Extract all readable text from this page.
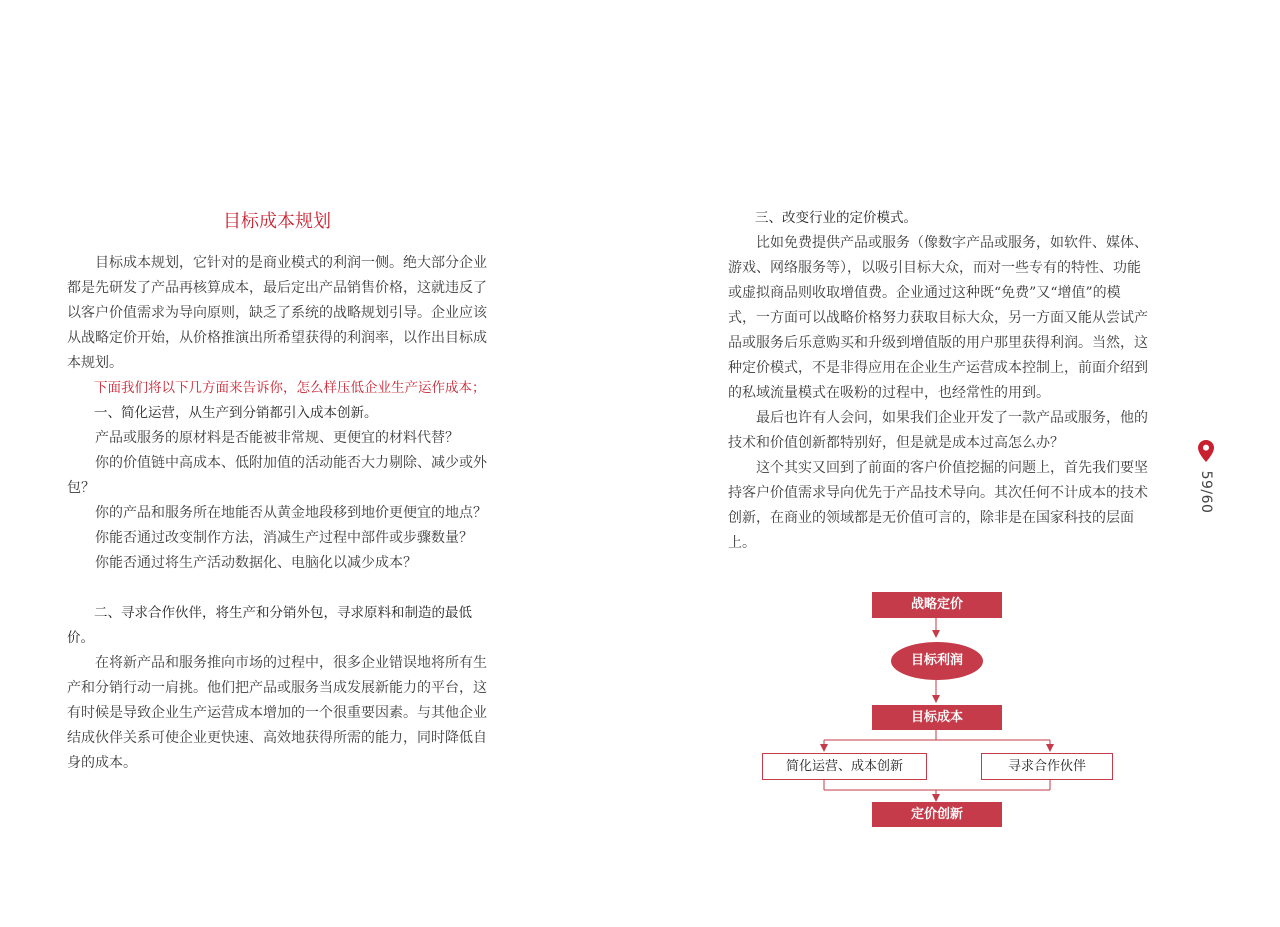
目标成本规划

目标成本规划，它针对的是商业模式的利润一侧。绝大部分企业都是先研发了产品再核算成本，最后定出产品销售价格，这就违反了以客户价值需求为导向原则，缺乏了系统的战略规划引导。企业应该从战略定价开始，从价格推演出所希望获得的利润率，以作出目标成本规划。

下面我们将以下几方面来告诉你，怎么样压低企业生产运作成本；

一、简化运营，从生产到分销都引入成本创新。

产品或服务的原材料是否能被非常规、更便宜的材料代替？

你的价值链中高成本、低附加值的活动能否大力剔除、减少或外包？

你的产品和服务所在地能否从黄金地段移到地价更便宜的地点？

你能否通过改变制作方法，消减生产过程中部件或步骤数量？

你能否通过将生产活动数据化、电脑化以减少成本？

二、寻求合作伙伴，将生产和分销外包，寻求原料和制造的最低价。

在将新产品和服务推向市场的过程中，很多企业错误地将所有生产和分销行动一肩挑。他们把产品或服务当成发展新能力的平台，这有时候是导致企业生产运营成本增加的一个很重要因素。与其他企业结成伙伴关系可使企业更快速、高效地获得所需的能力，同时降低自身的成本。

三、改变行业的定价模式。

比如免费提供产品或服务（像数字产品或服务，如软件、媒体、游戏、网络服务等），以吸引目标大众，而对一些专有的特性、功能或虚拟商品则收取增值费。企业通过这种既“免费”又“增值”的模式，一方面可以战略价格努力获取目标大众，另一方面又能从尝试产品或服务后乐意购买和升级到增值版的用户那里获得利润。当然，这种定价模式，不是非得应用在企业生产运营成本控制上，前面介绍到的私域流量模式在吸粉的过程中，也经常性的用到。

最后也许有人会问，如果我们企业开发了一款产品或服务，他的技术和价值创新都特别好，但是就是成本过高怎么办？

这个其实又回到了前面的客户价值挖掘的问题上，首先我们要坚持客户价值需求导向优先于产品技术导向。其次任何不计成本的技术创新，在商业的领域都是无价值可言的，除非是在国家科技的层面上。

59/60
战略定价
目标利润
目标成本
简化运营、成本创新	寻求合作伙伴
定价创新
